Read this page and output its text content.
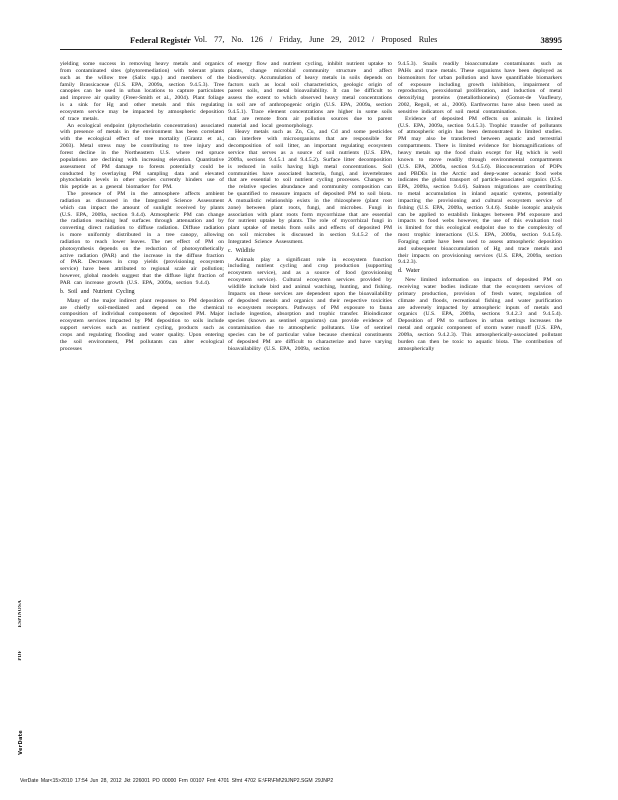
Federal Register
/ Vol. 77, No. 126 / Friday, June 29, 2012 / Proposed Rules	38995

yielding some success in removing heavy metals and organics from contaminated sites (phytoremediation) with tolerant plants such as the willow tree (Salix spp.) and members of the family Brassicaceae (U.S. EPA, 2009a, section 9.4.5.3). Tree canopies can be used in urban locations to capture particulates and improve air quality (Freer-Smith et al., 2004). Plant foliage is a sink for Hg and other metals and this regulating ecosystem service may be impacted by atmospheric deposition of trace metals.

An ecological endpoint (phytochelatin concentration) associated with presence of metals in the environment has been correlated with the ecological effect of tree mortality (Grantz et al., 2003). Metal stress may be contributing to tree injury and forest decline in the Northeastern U.S. where red spruce populations are declining with increasing elevation. Quantitative assessment of PM damage to forests potentially could be conducted by overlaying PM sampling data and elevated phytochelatin levels in other species currently hinders use of this peptide as a general biomarker for PM.

The presence of PM in the atmosphere affects ambient radiation as discussed in the Integrated Science Assessment which can impact the amount of sunlight received by plants (U.S. EPA, 2009a, section 9.4.4). Atmospheric PM can change the radiation reaching leaf surfaces through attenuation and by converting direct radiation to diffuse radiation. Diffuse radiation is more uniformly distributed in a tree canopy, allowing radiation to reach lower leaves. The net effect of PM on photosynthesis depends on the reduction of photosynthetically active radiation (PAR) and the increase in the diffuse fraction of PAR. Decreases in crop yields (provisioning ecosystem service) have been attributed to regional scale air pollution; however, global models suggest that the diffuse light fraction of PAR can increase growth (U.S. EPA, 2009a, section 9.4.4).

b. Soil and Nutrient Cycling

Many of the major indirect plant responses to PM deposition are chiefly soil-mediated and depend on the chemical composition of individual components of deposited PM. Major ecosystem services impacted by PM deposition to soils include support services such as nutrient cycling, products such as crops and regulating flooding and water quality. Upon entering the soil environment, PM pollutants can alter ecological processes

of energy flow and nutrient cycling, inhibit nutrient uptake to plants, change microbial community structure and affect biodiversity. Accumulation of heavy metals in soils depends on factors such as local soil characteristics, geologic origin of parent soils, and metal bioavailability. It can be difficult to assess the extent to which observed heavy metal concentrations in soil are of anthropogenic origin (U.S. EPA, 2009a, section 9.4.5.1). Trace element concentrations are higher in some soils that are remote from air pollution sources due to parent material and local geomorphology.

Heavy metals such as Zn, Cu, and Cd and some pesticides can interfere with microorganisms that are responsible for decomposition of soil litter, an important regulating ecosystem service that serves as a source of soil nutrients (U.S. EPA, 2009a, sections 9.4.5.1 and 9.4.5.2). Surface litter decomposition is reduced in soils having high metal concentrations. Soil communities have associated bacteria, fungi, and invertebrates that are essential to soil nutrient cycling processes. Changes to the relative species abundance and community composition can be quantified to measure impacts of deposited PM to soil biota. A mutualistic relationship exists in the rhizosphere (plant root zone) between plant roots, fungi, and microbes. Fungi in association with plant roots form mycorrhizae that are essential for nutrient uptake by plants. The role of mycorrhizal fungi in plant uptake of metals from soils and effects of deposited PM on soil microbes is discussed in section 9.4.5.2 of the Integrated Science Assessment.

c. Wildlife

Animals play a significant role in ecosystem function including nutrient cycling and crop production (supporting ecosystem service), and as a source of food (provisioning ecosystem service). Cultural ecosystem services provided by wildlife include bird and animal watching, hunting, and fishing. Impacts on these services are dependent upon the bioavailability of deposited metals and organics and their respective toxicities to ecosystem receptors. Pathways of PM exposure to fauna include ingestion, absorption and trophic transfer. Bioindicator species (known as sentinel organisms) can provide evidence of contamination due to atmospheric pollutants. Use of sentinel species can be of particular value because chemical constituents of deposited PM are difficult to characterize and have varying bioavailability (U.S. EPA, 2009a, section

9.4.5.3). Snails readily bioaccumulate contaminants such as PAHs and trace metals. These organisms have been deployed as biomonitors for urban pollution and have quantifiable biomarkers of exposure including growth inhibition, impairment of reproduction, peroxidomal proliferation, and induction of metal detoxifying proteins (metallothioneins) (Gomot-de Vaufleury, 2002, Regoli, et al., 2006). Earthworms have also been used as sensitive indicators of soil metal contamination.

Evidence of deposited PM effects on animals is limited (U.S. EPA, 2009a, section 9.4.5.3). Trophic transfer of pollutants of atmospheric origin has been demonstrated in limited studies. PM may also be transferred between aquatic and terrestrial compartments. There is limited evidence for biomagnifications of heavy metals up the food chain except for Hg which is well known to move readily through environmental compartments (U.S. EPA, 2009a, section 9.4.5.6). Bioconcentration of POPs and PBDEs in the Arctic and deep-water oceanic food webs indicates the global transport of particle-associated organics (U.S. EPA, 2009a, section 9.4.6). Salmon migrations are contributing to metal accumulation in inland aquatic systems, potentially impacting the provisioning and cultural ecosystem service of fishing (U.S. EPA, 2009a, section 9.4.6). Stable isotopic analysis can be applied to establish linkages between PM exposure and impacts to food webs however, the use of this evaluation tool is limited for this ecological endpoint due to the complexity of most trophic interactions (U.S. EPA, 2009a, section 9.4.5.6). Foraging cattle have been used to assess atmospheric deposition and subsequent bioaccumulation of Hg and trace metals and their impacts on provisioning services (U.S. EPA, 2009a, section 9.4.2.3).

d. Water

New limited information on impacts of deposited PM on receiving water bodies indicate that the ecosystem services of primary production, provision of fresh water, regulation of climate and floods, recreational fishing and water purification are adversely impacted by atmospheric inputs of metals and organics (U.S. EPA, 2009a, sections 9.4.2.3 and 9.4.5.4). Deposition of PM to surfaces in urban settings increases the metal and organic component of storm water runoff (U.S. EPA, 2009a, section 9.4.2.3). This atmospherically-associated pollutant burden can then be toxic to aquatic biota. The contribution of atmospherically

ESPINOSA
PDF
VerDate
VerDate Mar<15>2010 17:54 Jun 28, 2012 Jkt 226001 PO 00000 Frm 00107 Fmt 4701 Sfmt 4702 E:\FR\FM\29JNP2.SGM 29JNP2
